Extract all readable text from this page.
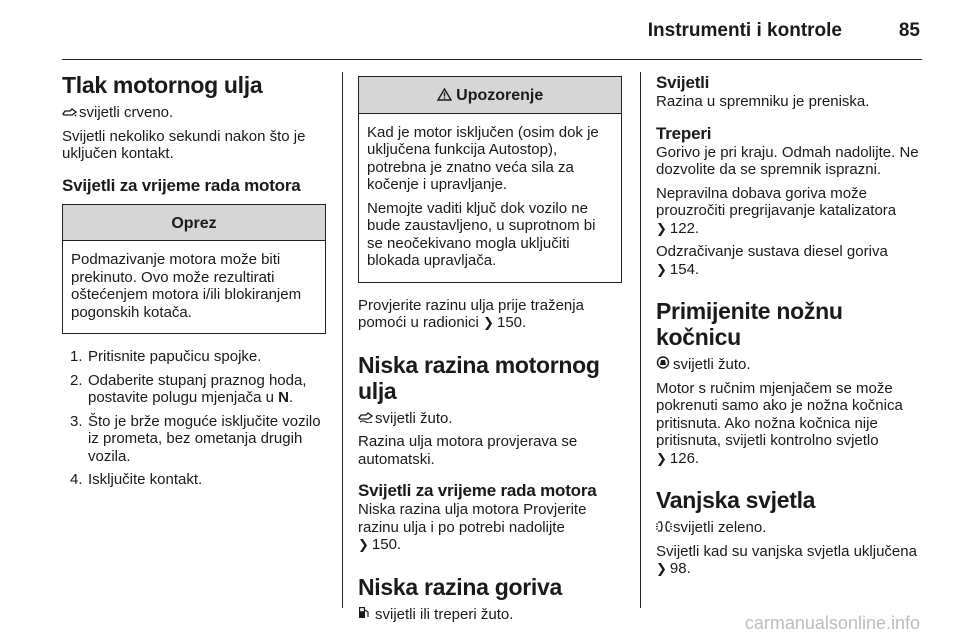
Instrumenti i kontrole	85
Tlak motornog ulja

svijetli crveno.

Svijetli nekoliko sekundi nakon što je uključen kontakt.

Svijetli za vrijeme rada motora
Oprez

Podmazivanje motora može biti prekinuto. Ovo može rezultirati oštećenjem motora i/ili blokiranjem pogonskih kotača.

1. Pritisnite papučicu spojke.
2. Odaberite stupanj praznog hoda, postavite polugu mjenjača u N.
3. Što je brže moguće isključite vozilo iz prometa, bez ometanja drugih vozila.
4. Isključite kontakt.
Upozorenje

Kad je motor isključen (osim dok je uključena funkcija Autostop), potrebna je znatno veća sila za kočenje i upravljanje.

Nemojte vaditi ključ dok vozilo ne bude zaustavljeno, u suprotnom bi se neočekivano mogla uključiti blokada upravljača.

Provjerite razinu ulja prije traženja pomoći u radionici ❯ 150.

Niska razina motornog ulja

svijetli žuto.

Razina ulja motora provjerava se automatski.

Svijetli za vrijeme rada motora

Niska razina ulja motora Provjerite razinu ulja i po potrebi nadolijte
❯ 150.

Niska razina goriva

svijetli ili treperi žuto.

Svijetli

Razina u spremniku je preniska.

Treperi

Gorivo je pri kraju. Odmah nadolijte. Ne dozvolite da se spremnik isprazni.

Nepravilna dobava goriva može prouzročiti pregrijavanje katalizatora
❯ 122.

Odzračivanje sustava diesel goriva
❯ 154.

Primijenite nožnu kočnicu

svijetli žuto.

Motor s ručnim mjenjačem se može pokrenuti samo ako je nožna kočnica pritisnuta. Ako nožna kočnica nije pritisnuta, svijetli kontrolno svjetlo
❯ 126.

Vanjska svjetla

svijetli zeleno.

Svijetli kad su vanjska svjetla uključena ❯ 98.

carmanualsonline.info
